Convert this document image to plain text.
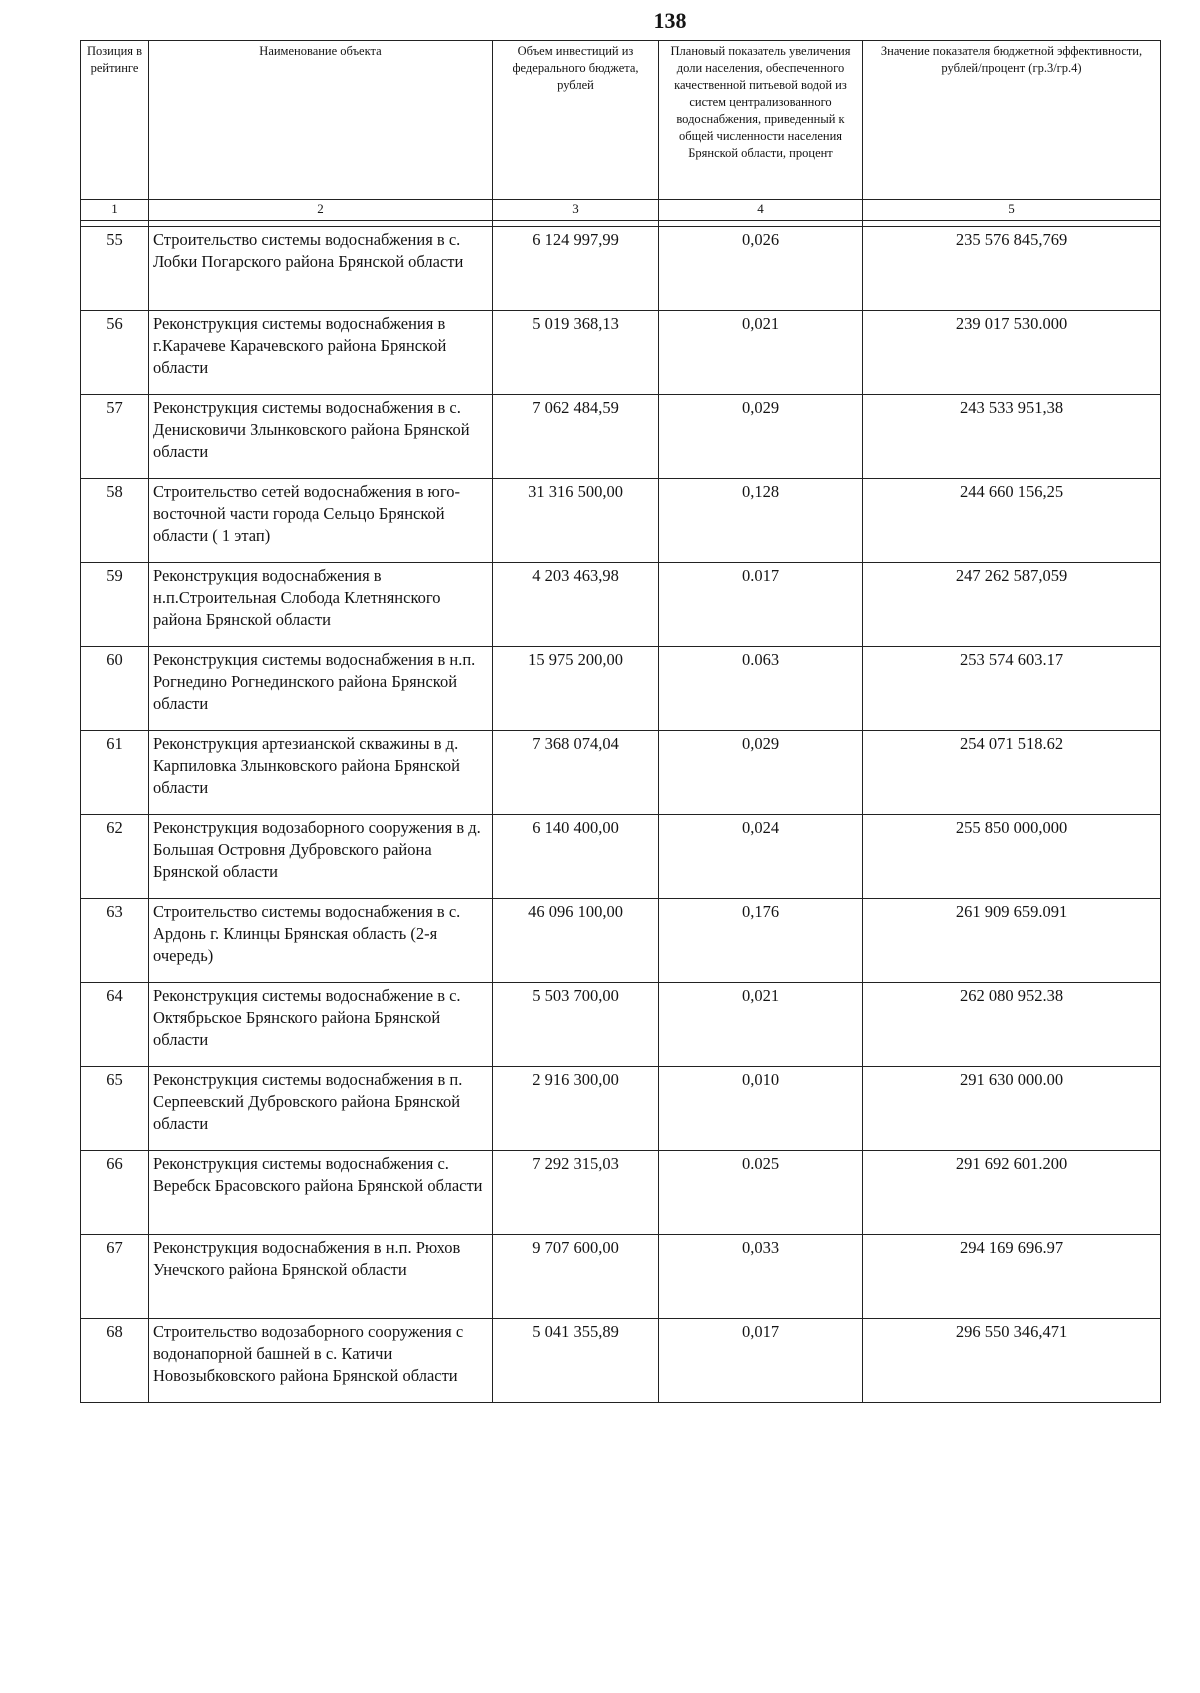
138
Позиция в рейтинге	Наименование объекта	Объем инвестиций из федерального бюджета, рублей	Плановый показатель увеличения доли населения, обеспеченного качественной питьевой водой из систем централизованного водоснабжения, приведенный к общей численности населения Брянской области, процент	Значение показателя бюджетной эффективности, рублей/процент (гр.3/гр.4)
1	2	3	4	5

55	Строительство системы водоснабжения в с. Лобки Погарского района Брянской области	6 124 997,99	0,026	235 576 845,769
56	Реконструкция системы водоснабжения в г.Карачеве Карачевского района Брянской области	5 019 368,13	0,021	239 017 530.000
57	Реконструкция системы водоснабжения в с. Денисковичи Злынковского района Брянской области	7 062 484,59	0,029	243 533 951,38
58	Строительство сетей водоснабжения в юго-восточной части города Сельцо Брянской области ( 1 этап)	31 316 500,00	0,128	244 660 156,25
59	Реконструкция водоснабжения в н.п.Строительная Слобода Клетнянского района Брянской области	4 203 463,98	0.017	247 262 587,059
60	Реконструкция системы водоснабжения в н.п. Рогнедино Рогнединского района Брянской области	15 975 200,00	0.063	253 574 603.17
61	Реконструкция артезианской скважины в д. Карпиловка Злынковского района Брянской области	7 368 074,04	0,029	254 071 518.62
62	Реконструкция водозаборного сооружения в д. Большая Островня Дубровского района Брянской области	6 140 400,00	0,024	255 850 000,000
63	Строительство системы водоснабжения в с. Ардонь г. Клинцы Брянская область (2-я очередь)	46 096 100,00	0,176	261 909 659.091
64	Реконструкция системы водоснабжение в с. Октябрьское Брянского района Брянской области	5 503 700,00	0,021	262 080 952.38
65	Реконструкция системы водоснабжения в п. Серпеевский Дубровского района Брянской области	2 916 300,00	0,010	291 630 000.00
66	Реконструкция системы водоснабжения с. Веребск Брасовского района Брянской области	7 292 315,03	0.025	291 692 601.200
67	Реконструкция водоснабжения в н.п. Рюхов Унечского района Брянской области	9 707 600,00	0,033	294 169 696.97
68	Строительство водозаборного сооружения с водонапорной башней в с. Катичи Новозыбковского района Брянской области	5 041 355,89	0,017	296 550 346,471
